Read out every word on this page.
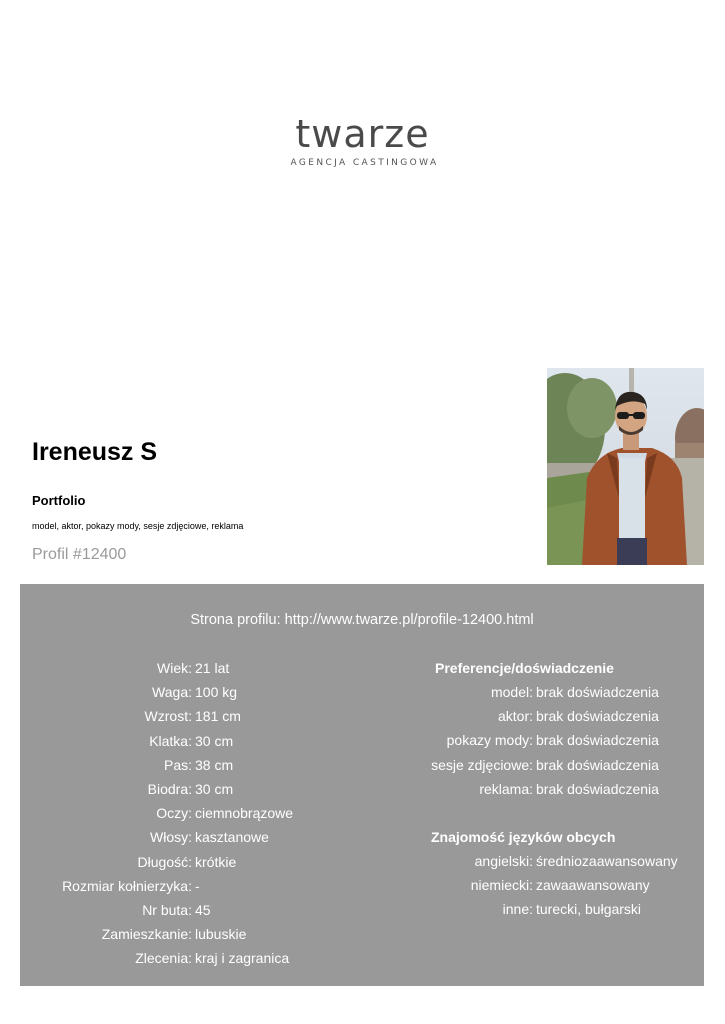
twarze
AGENCJA CASTINGOWA
Ireneusz S
Portfolio
model, aktor, pokazy mody, sesje zdjęciowe, reklama
Profil #12400
Strona profilu: http://www.twarze.pl/profile-12400.html
Wiek: 21 lat
Waga: 100 kg
Wzrost: 181 cm
Klatka: 30 cm
Pas: 38 cm
Biodra: 30 cm
Oczy: ciemnobrązowe
Włosy: kasztanowe
Długość: krótkie
Rozmiar kołnierzyka: -
Nr buta: 45
Zamieszkanie: lubuskie
Zlecenia: kraj i zagranica
Preferencje/doświadczenie
model: brak doświadczenia
aktor: brak doświadczenia
pokazy mody: brak doświadczenia
sesje zdjęciowe: brak doświadczenia
reklama: brak doświadczenia
Znajomość języków obcych
angielski: średniozaawansowany
niemiecki: zawaawansowany
inne: turecki, bułgarski
